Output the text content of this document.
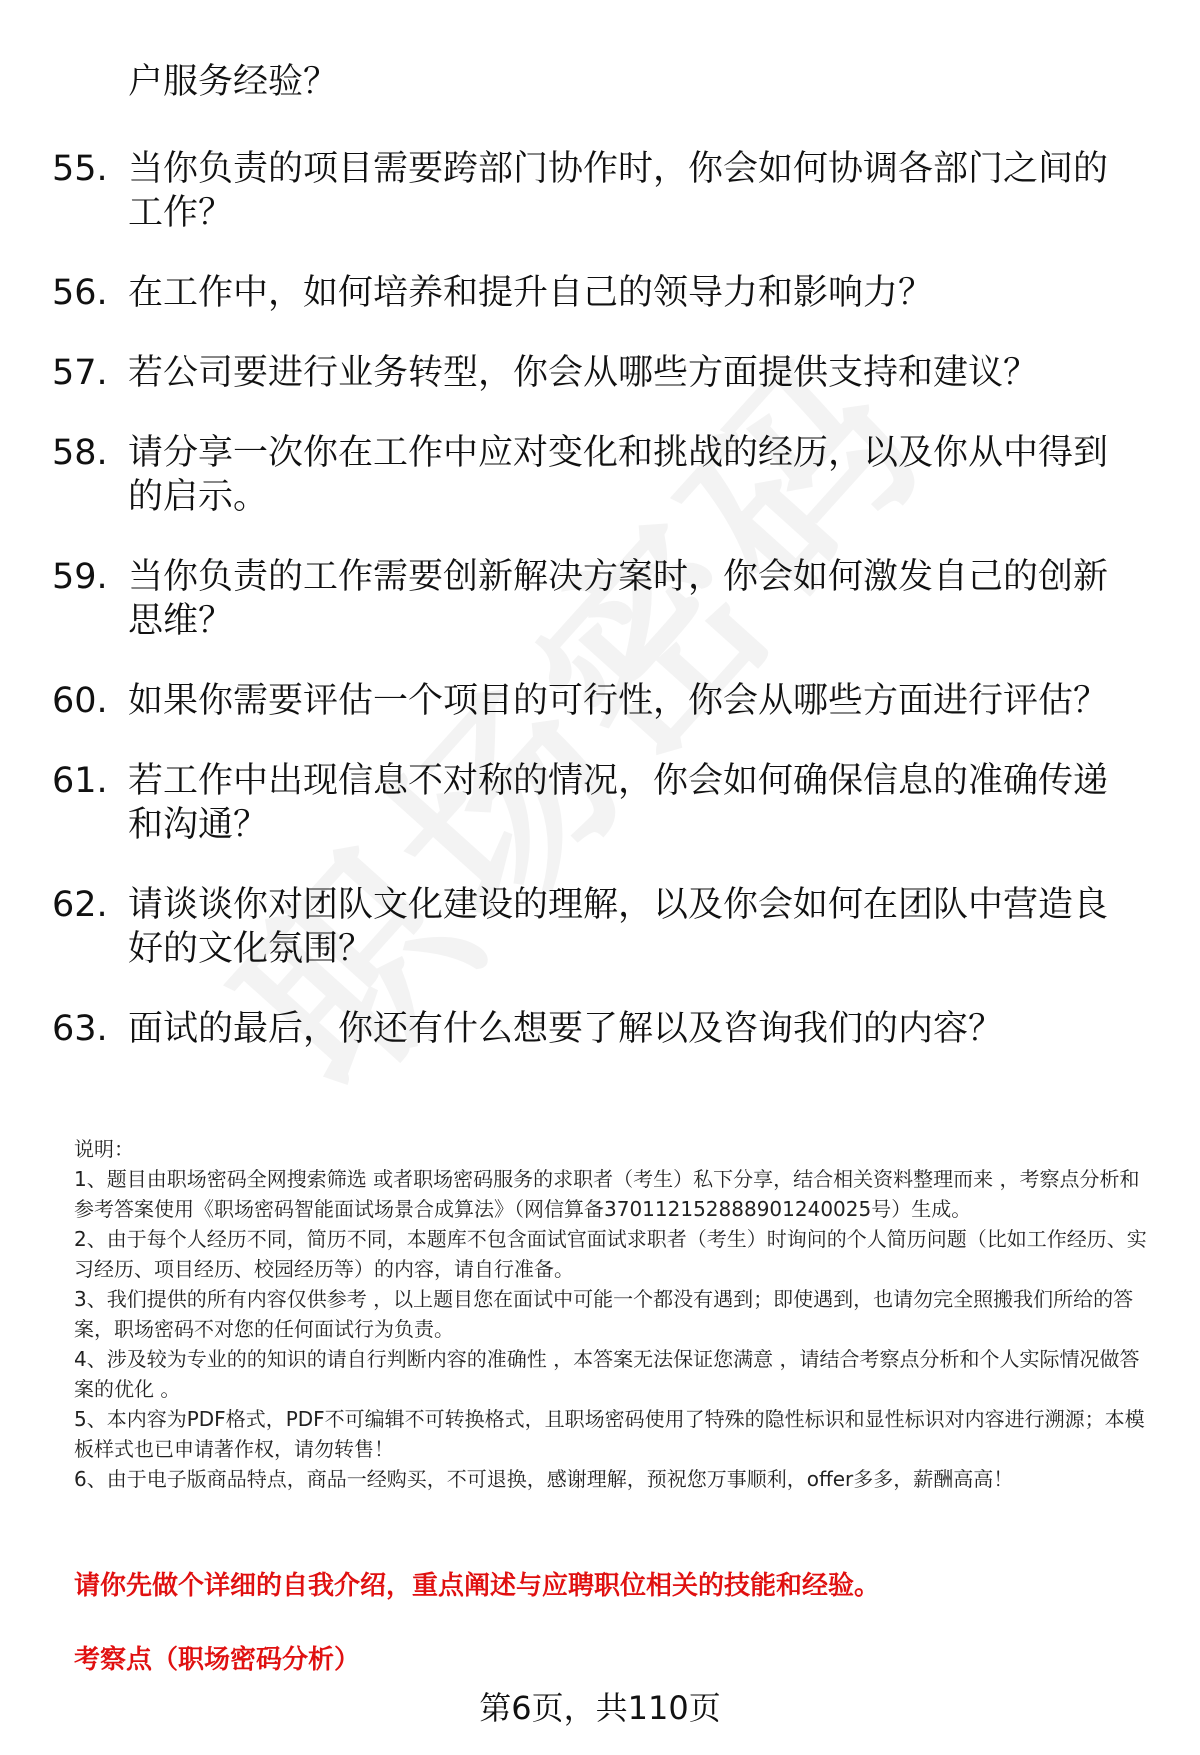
户服务经验？
55. 当你负责的项目需要跨部门协作时，你会如何协调各部门之间的工作？
56. 在工作中，如何培养和提升自己的领导力和影响力？
57. 若公司要进行业务转型，你会从哪些方面提供支持和建议？
58. 请分享一次你在工作中应对变化和挑战的经历，以及你从中得到的启示。
59. 当你负责的工作需要创新解决方案时，你会如何激发自己的创新思维？
60. 如果你需要评估一个项目的可行性，你会从哪些方面进行评估？
61. 若工作中出现信息不对称的情况，你会如何确保信息的准确传递和沟通？
62. 请谈谈你对团队文化建设的理解，以及你会如何在团队中营造良好的文化氛围？
63. 面试的最后，你还有什么想要了解以及咨询我们的内容？

说明：

1、题目由职场密码全网搜索筛选 或者职场密码服务的求职者（考生）私下分享，结合相关资料整理而来 ，考察点分析和参考答案使用《职场密码智能面试场景合成算法》（网信算备370112152888901240025号）生成。

2、由于每个人经历不同，简历不同，本题库不包含面试官面试求职者（考生）时询问的个人简历问题（比如工作经历、实习经历、项目经历、校园经历等）的内容，请自行准备。

3、我们提供的所有内容仅供参考 ，以上题目您在面试中可能一个都没有遇到；即使遇到，也请勿完全照搬我们所给的答案，职场密码不对您的任何面试行为负责。

4、涉及较为专业的的知识的请自行判断内容的准确性 ，本答案无法保证您满意 ，请结合考察点分析和个人实际情况做答案的优化 。

5、本内容为PDF格式，PDF不可编辑不可转换格式，且职场密码使用了特殊的隐性标识和显性标识对内容进行溯源；本模板样式也已申请著作权，请勿转售！

6、由于电子版商品特点，商品一经购买，不可退换，感谢理解，预祝您万事顺利，offer多多，薪酬高高！

请你先做个详细的自我介绍，重点阐述与应聘职位相关的技能和经验。
考察点（职场密码分析）
第6页，共110页
